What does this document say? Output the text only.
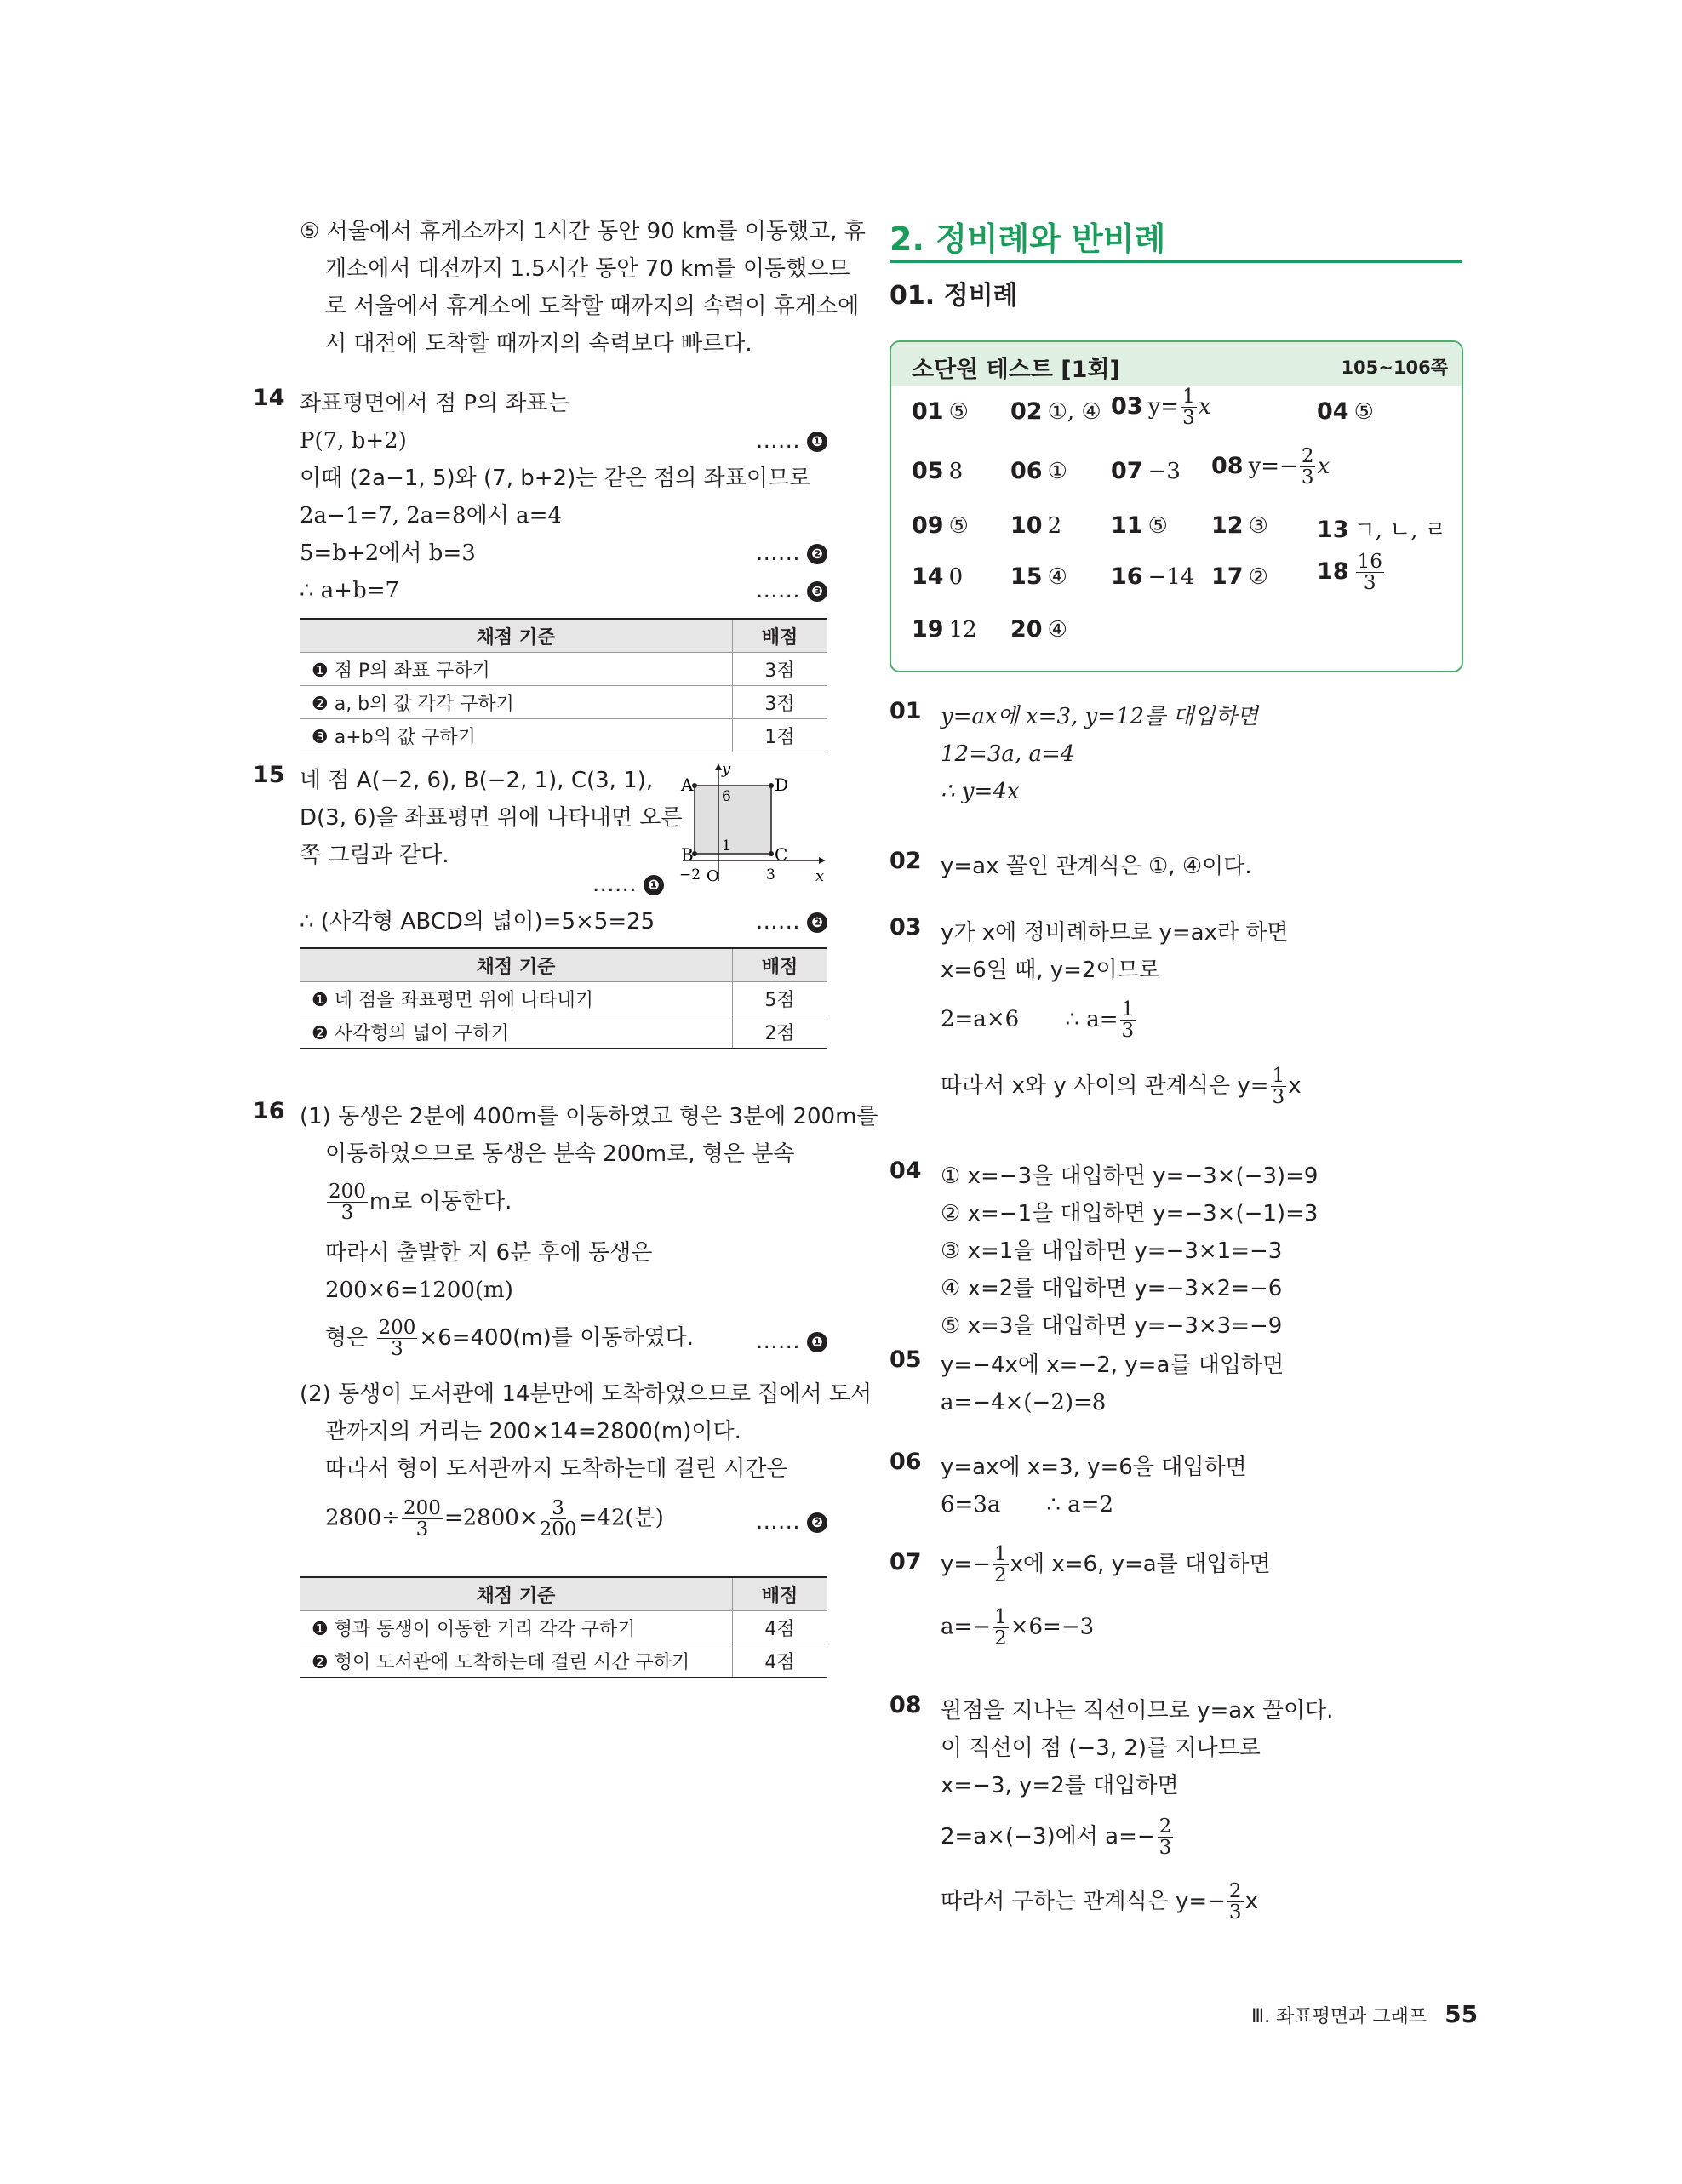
⑤ 서울에서 휴게소까지 1시간 동안 90 km를 이동했고, 휴
게소에서 대전까지 1.5시간 동안 70 km를 이동했으므
로 서울에서 휴게소에 도착할 때까지의 속력이 휴게소에
서 대전에 도착할 때까지의 속력보다 빠르다.
14 좌표평면에서 점 P의 좌표는
P(7, b+2)	…… ❶
이때 (2a−1, 5)와 (7, b+2)는 같은 점의 좌표이므로
2a−1=7, 2a=8에서 a=4
5=b+2에서 b=3	…… ❷
∴ a+b=7	…… ❸
채점 기준	배점
❶ 점 P의 좌표 구하기	3점
❷ a, b의 값 각각 구하기	3점
❸ a+b의 값 구하기	1점
15 네 점 A(−2, 6), B(−2, 1), C(3, 1),
D(3, 6)을 좌표평면 위에 나타내면 오른
쪽 그림과 같다.
A	D
B	C
y
x
6
1
−2 O	3
…… ❶
∴ (사각형 ABCD의 넓이)=5×5=25	…… ❷
채점 기준	배점
❶ 네 점을 좌표평면 위에 나타내기	5점
❷ 사각형의 넓이 구하기	2점
16 (1) 동생은 2분에 400m를 이동하였고 형은 3분에 200m를
이동하였으므로 동생은 분속 200m로, 형은 분속
$\frac{200}{3}$ m로 이동한다.
따라서 출발한 지 6분 후에 동생은
200×6=1200(m)
형은 $\frac{200}{3} \times 6=400(m)$를 이동하였다.	…… ❶
(2) 동생이 도서관에 14분만에 도착하였으므로 집에서 도서
관까지의 거리는 200×14=2800(m)이다.
따라서 형이 도서관까지 도착하는데 걸린 시간은
$2800\div \frac{200}{3} =2800\times \frac{3}{200} =42$(분)	…… ❷
채점 기준	배점
❶ 형과 동생이 이동한 거리 각각 구하기	4점
❷ 형이 도서관에 도착하는데 걸린 시간 구하기	4점
2. 정비례와 반비례
01. 정비례
소단원 테스트 [1회]	105~106쪽
01 ⑤ 02 ①, ④ 03 $y= \frac{1}{3}$ x	04 ⑤
05 8 06 ① 07 −3 08 $y=- \frac{2}{3}$ x
09 ⑤ 10 2 11 ⑤ 12 ③ 13 ㄱ, ㄴ, ㄹ
14 0 15 ④ 16 −14 17 ② $18 \frac{16}{3}$
19 12 20 ④
01 y=ax에 x=3, y=12를 대입하면
12=3a, a=4
∴ y=4x
02 y=ax 꼴인 관계식은 ①, ④이다.
03 y가 x에 정비례하므로 y=ax라 하면
x=6일 때, y=2이므로
2=a×6 ∴ $a= \frac{1}{3}$
따라서 x와 y 사이의 관계식은 $y= \frac{1}{3}$ x
04 ① x=−3을 대입하면 y=−3×(−3)=9
② x=−1을 대입하면 y=−3×(−1)=3
③ x=1을 대입하면 y=−3×1=−3
④ x=2를 대입하면 y=−3×2=−6
⑤ x=3을 대입하면 y=−3×3=−9
05 y=−4x에 x=−2, y=a를 대입하면
a=−4×(−2)=8
06 y=ax에 x=3, y=6을 대입하면
6=3a ∴ a=2
07 $y=- \frac{1}{2}$ x에 x=6, y=a를 대입하면
$a=- \frac{1}{2} \times 6=-3$
08 원점을 지나는 직선이므로 y=ax 꼴이다.
이 직선이 점 (−3, 2)를 지나므로
x=−3, y=2를 대입하면
2=a×(−3)에서 $a=- \frac{2}{3}$
따라서 구하는 관계식은 $y=- \frac{2}{3}$ x
Ⅲ. 좌표평면과 그래프 55
